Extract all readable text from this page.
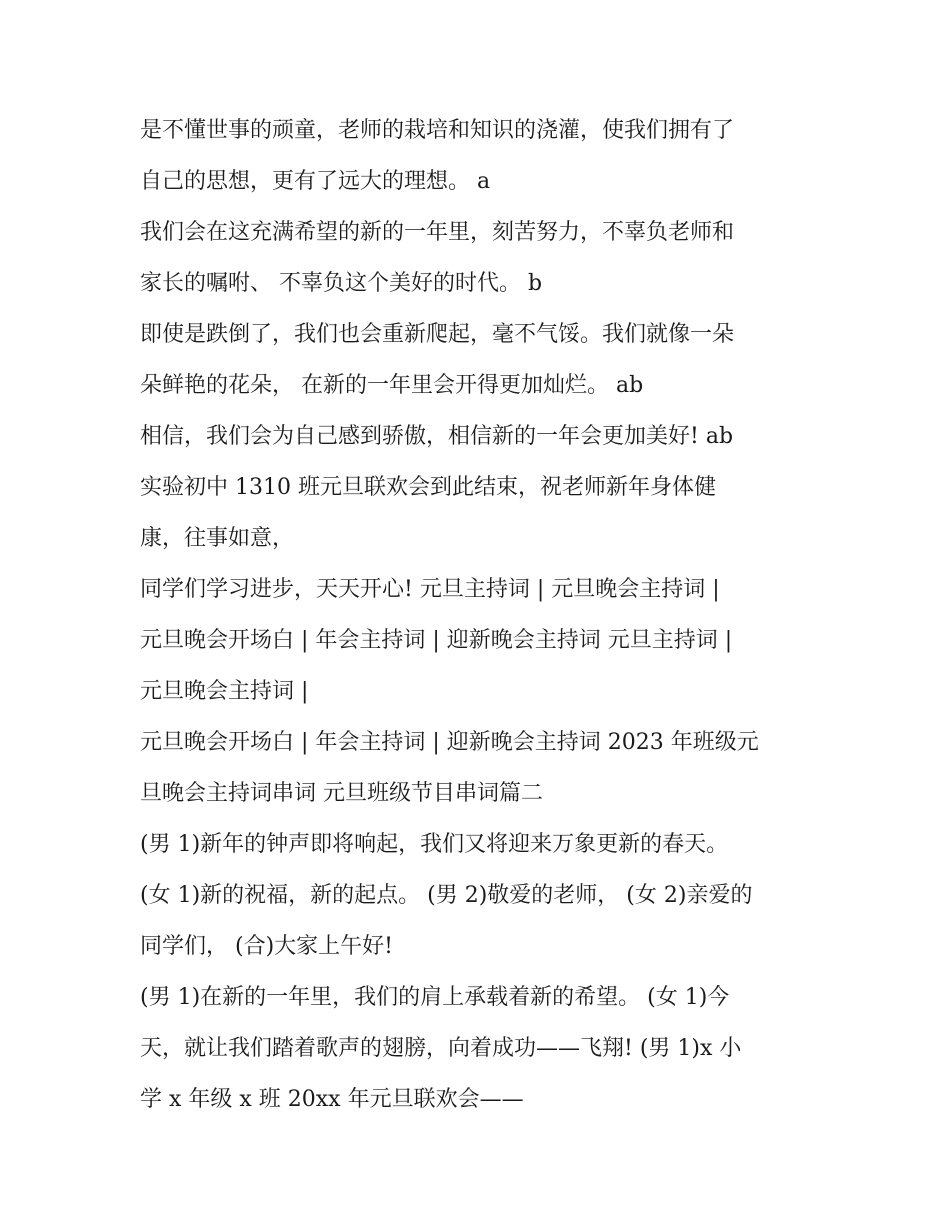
是不懂世事的顽童，老师的栽培和知识的浇灌，使我们拥有了
自己的思想，更有了远大的理想。 a
我们会在这充满希望的新的一年里，刻苦努力，不辜负老师和
家长的嘱咐、 不辜负这个美好的时代。 b
即使是跌倒了，我们也会重新爬起，毫不气馁。我们就像一朵
朵鲜艳的花朵， 在新的一年里会开得更加灿烂。 ab
相信，我们会为自己感到骄傲，相信新的一年会更加美好! ab
实验初中 1310 班元旦联欢会到此结束，祝老师新年身体健
康，往事如意，
同学们学习进步，天天开心! 元旦主持词 | 元旦晚会主持词 |
元旦晚会开场白 | 年会主持词 | 迎新晚会主持词 元旦主持词 |
元旦晚会主持词 |
元旦晚会开场白 | 年会主持词 | 迎新晚会主持词 2023 年班级元
旦晚会主持词串词 元旦班级节目串词篇二
(男 1)新年的钟声即将响起，我们又将迎来万象更新的春天。
(女 1)新的祝福，新的起点。 (男 2)敬爱的老师， (女 2)亲爱的
同学们， (合)大家上午好!
(男 1)在新的一年里，我们的肩上承载着新的希望。 (女 1)今
天，就让我们踏着歌声的翅膀，向着成功——飞翔! (男 1)x 小
学 x 年级 x 班 20xx 年元旦联欢会——
